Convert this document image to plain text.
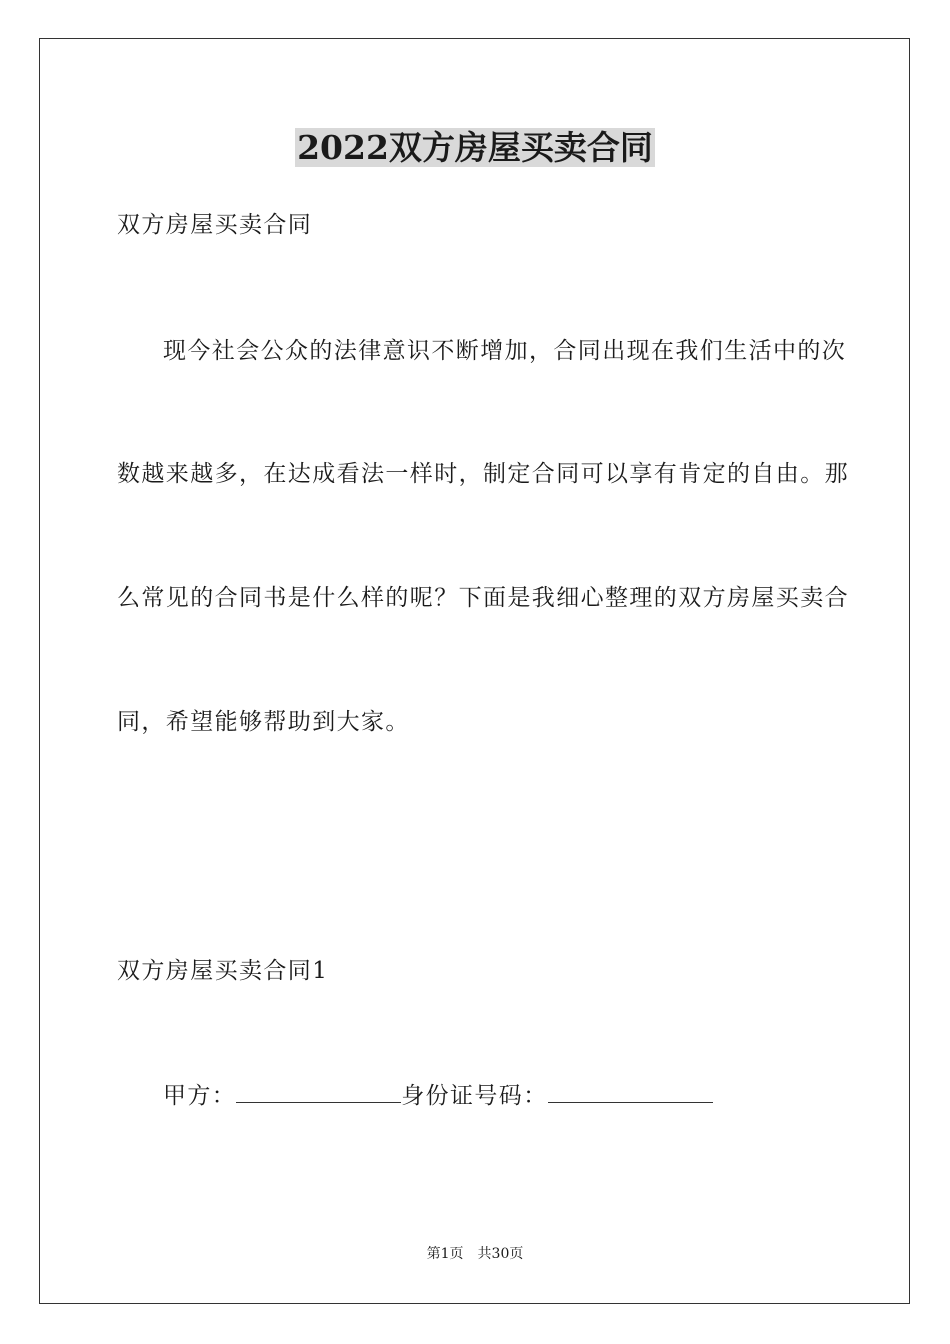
2022双方房屋买卖合同
双方房屋买卖合同
现今社会公众的法律意识不断增加，合同出现在我们生活中的次
数越来越多，在达成看法一样时，制定合同可以享有肯定的自由。那
么常见的合同书是什么样的呢？下面是我细心整理的双方房屋买卖合
同，希望能够帮助到大家。
双方房屋买卖合同1
甲方：	身份证号码：
第1页 共30页
